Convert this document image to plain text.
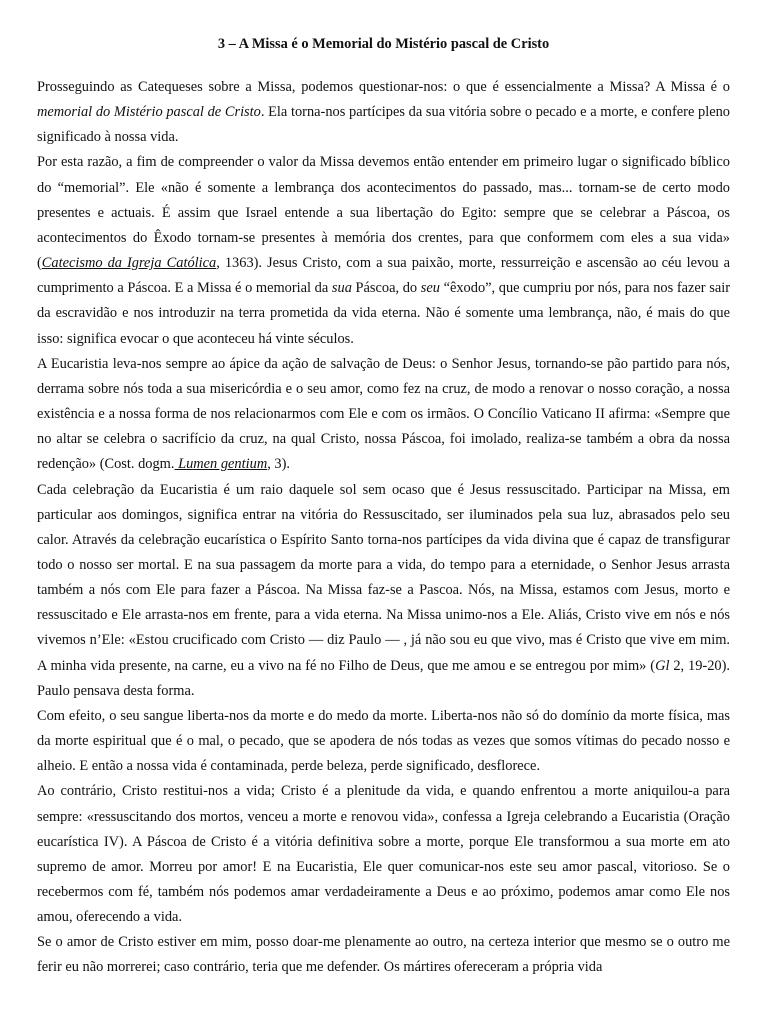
3 – A Missa é o Memorial do Mistério pascal de Cristo

Prosseguindo as Catequeses sobre a Missa, podemos questionar-nos: o que é essencialmente a Missa? A Missa é o memorial do Mistério pascal de Cristo. Ela torna-nos partícipes da sua vitória sobre o pecado e a morte, e confere pleno significado à nossa vida.

Por esta razão, a fim de compreender o valor da Missa devemos então entender em primeiro lugar o significado bíblico do “memorial”. Ele «não é somente a lembrança dos acontecimentos do passado, mas... tornam-se de certo modo presentes e actuais. É assim que Israel entende a sua libertação do Egito: sempre que se celebrar a Páscoa, os acontecimentos do Êxodo tornam-se presentes à memória dos crentes, para que conformem com eles a sua vida» (Catecismo da Igreja Católica, 1363). Jesus Cristo, com a sua paixão, morte, ressurreição e ascensão ao céu levou a cumprimento a Páscoa. E a Missa é o memorial da sua Páscoa, do seu “êxodo”, que cumpriu por nós, para nos fazer sair da escravidão e nos introduzir na terra prometida da vida eterna. Não é somente uma lembrança, não, é mais do que isso: significa evocar o que aconteceu há vinte séculos.

A Eucaristia leva-nos sempre ao ápice da ação de salvação de Deus: o Senhor Jesus, tornando-se pão partido para nós, derrama sobre nós toda a sua misericórdia e o seu amor, como fez na cruz, de modo a renovar o nosso coração, a nossa existência e a nossa forma de nos relacionarmos com Ele e com os irmãos. O Concílio Vaticano II afirma: «Sempre que no altar se celebra o sacrifício da cruz, na qual Cristo, nossa Páscoa, foi imolado, realiza-se também a obra da nossa redenção» (Cost. dogm. Lumen gentium, 3).

Cada celebração da Eucaristia é um raio daquele sol sem ocaso que é Jesus ressuscitado. Participar na Missa, em particular aos domingos, significa entrar na vitória do Ressuscitado, ser iluminados pela sua luz, abrasados pelo seu calor. Através da celebração eucarística o Espírito Santo torna-nos partícipes da vida divina que é capaz de transfigurar todo o nosso ser mortal. E na sua passagem da morte para a vida, do tempo para a eternidade, o Senhor Jesus arrasta também a nós com Ele para fazer a Páscoa. Na Missa faz-se a Pascoa. Nós, na Missa, estamos com Jesus, morto e ressuscitado e Ele arrasta-nos em frente, para a vida eterna. Na Missa unimo-nos a Ele. Aliás, Cristo vive em nós e nós vivemos n’Ele: «Estou crucificado com Cristo — diz Paulo — , já não sou eu que vivo, mas é Cristo que vive em mim. A minha vida presente, na carne, eu a vivo na fé no Filho de Deus, que me amou e se entregou por mim» (Gl 2, 19-20). Paulo pensava desta forma.

Com efeito, o seu sangue liberta-nos da morte e do medo da morte. Liberta-nos não só do domínio da morte física, mas da morte espiritual que é o mal, o pecado, que se apodera de nós todas as vezes que somos vítimas do pecado nosso e alheio. E então a nossa vida é contaminada, perde beleza, perde significado, desflorece.

Ao contrário, Cristo restitui-nos a vida; Cristo é a plenitude da vida, e quando enfrentou a morte aniquilou-a para sempre: «ressuscitando dos mortos, venceu a morte e renovou vida», confessa a Igreja celebrando a Eucaristia (Oração eucarística IV). A Páscoa de Cristo é a vitória definitiva sobre a morte, porque Ele transformou a sua morte em ato supremo de amor. Morreu por amor! E na Eucaristia, Ele quer comunicar-nos este seu amor pascal, vitorioso. Se o recebermos com fé, também nós podemos amar verdadeiramente a Deus e ao próximo, podemos amar como Ele nos amou, oferecendo a vida.

Se o amor de Cristo estiver em mim, posso doar-me plenamente ao outro, na certeza interior que mesmo se o outro me ferir eu não morrerei; caso contrário, teria que me defender. Os mártires ofereceram a própria vida
